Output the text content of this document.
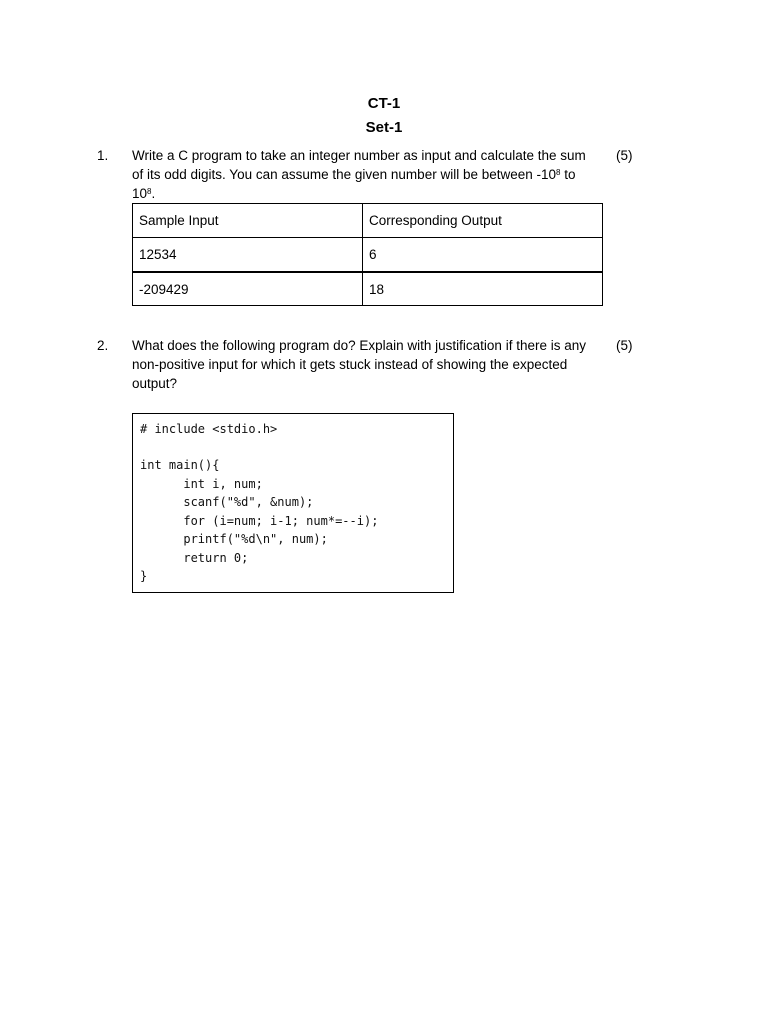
CT-1
Set-1
1. Write a C program to take an integer number as input and calculate the sum
of its odd digits. You can assume the given number will be between $-10^8$ to
$10^8$.
(5)
Sample Input	Corresponding Output
12534	6
-209429	18
2. What does the following program do? Explain with justification if there is any
non-positive input for which it gets stuck instead of showing the expected
output?
(5)
# include <stdio.h>
int main(){
int i, num;
scanf("%d", &num);
for (i=num; i-1; num*=--i);
printf("%d\n", num);
return 0;
}
